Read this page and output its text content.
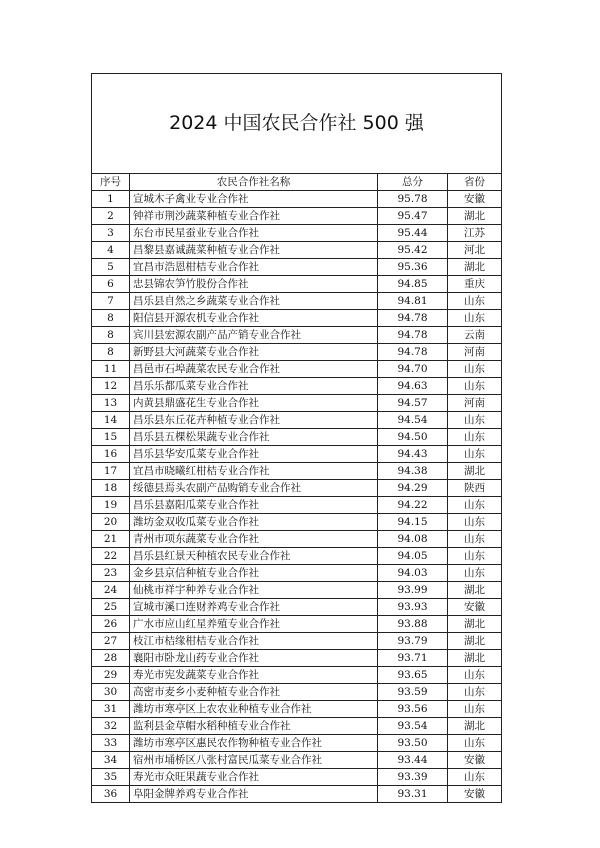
2024 中国农民合作社 500 强			
序号	农民合作社名称	总分	省份
1	宣城木子禽业专业合作社	95.78	安徽
2	钟祥市荆沙蔬菜种植专业合作社	95.47	湖北
3	东台市民星蚕业专业合作社	95.44	江苏
4	昌黎县嘉诚蔬菜种植专业合作社	95.42	河北
5	宜昌市浩恩柑桔专业合作社	95.36	湖北
6	忠县锦农笋竹股份合作社	94.85	重庆
7	昌乐县自然之乡蔬菜专业合作社	94.81	山东
8	阳信县开源农机专业合作社	94.78	山东
8	宾川县宏源农副产品产销专业合作社	94.78	云南
8	新野县大河蔬菜专业合作社	94.78	河南
11	昌邑市石埠蔬菜农民专业合作社	94.70	山东
12	昌乐乐都瓜菜专业合作社	94.63	山东
13	内黄县鼎盛花生专业合作社	94.57	河南
14	昌乐县东丘花卉种植专业合作社	94.54	山东
15	昌乐县五棵松果蔬专业合作社	94.50	山东
16	昌乐县华安瓜菜专业合作社	94.43	山东
17	宜昌市晓曦红柑桔专业合作社	94.38	湖北
18	绥德县焉头农副产品购销专业合作社	94.29	陕西
19	昌乐县嘉阳瓜菜专业合作社	94.22	山东
20	潍坊金双收瓜菜专业合作社	94.15	山东
21	青州市项东蔬菜专业合作社	94.08	山东
22	昌乐县红景天种植农民专业合作社	94.05	山东
23	金乡县京信种植专业合作社	94.03	山东
24	仙桃市祥宇种养专业合作社	93.99	湖北
25	宣城市溪口连财养鸡专业合作社	93.93	安徽
26	广水市应山红星养殖专业合作社	93.88	湖北
27	枝江市桔缘柑桔专业合作社	93.79	湖北
28	襄阳市卧龙山药专业合作社	93.71	湖北
29	寿光市宪发蔬菜专业合作社	93.65	山东
30	高密市麦乡小麦种植专业合作社	93.59	山东
31	潍坊市寒亭区上农农业种植专业合作社	93.56	山东
32	监利县金草帽水稻种植专业合作社	93.54	湖北
33	潍坊市寒亭区惠民农作物种植专业合作社	93.50	山东
34	宿州市埇桥区八张村富民瓜菜专业合作社	93.44	安徽
35	寿光市众旺果蔬专业合作社	93.39	山东
36	阜阳金牌养鸡专业合作社	93.31	安徽
